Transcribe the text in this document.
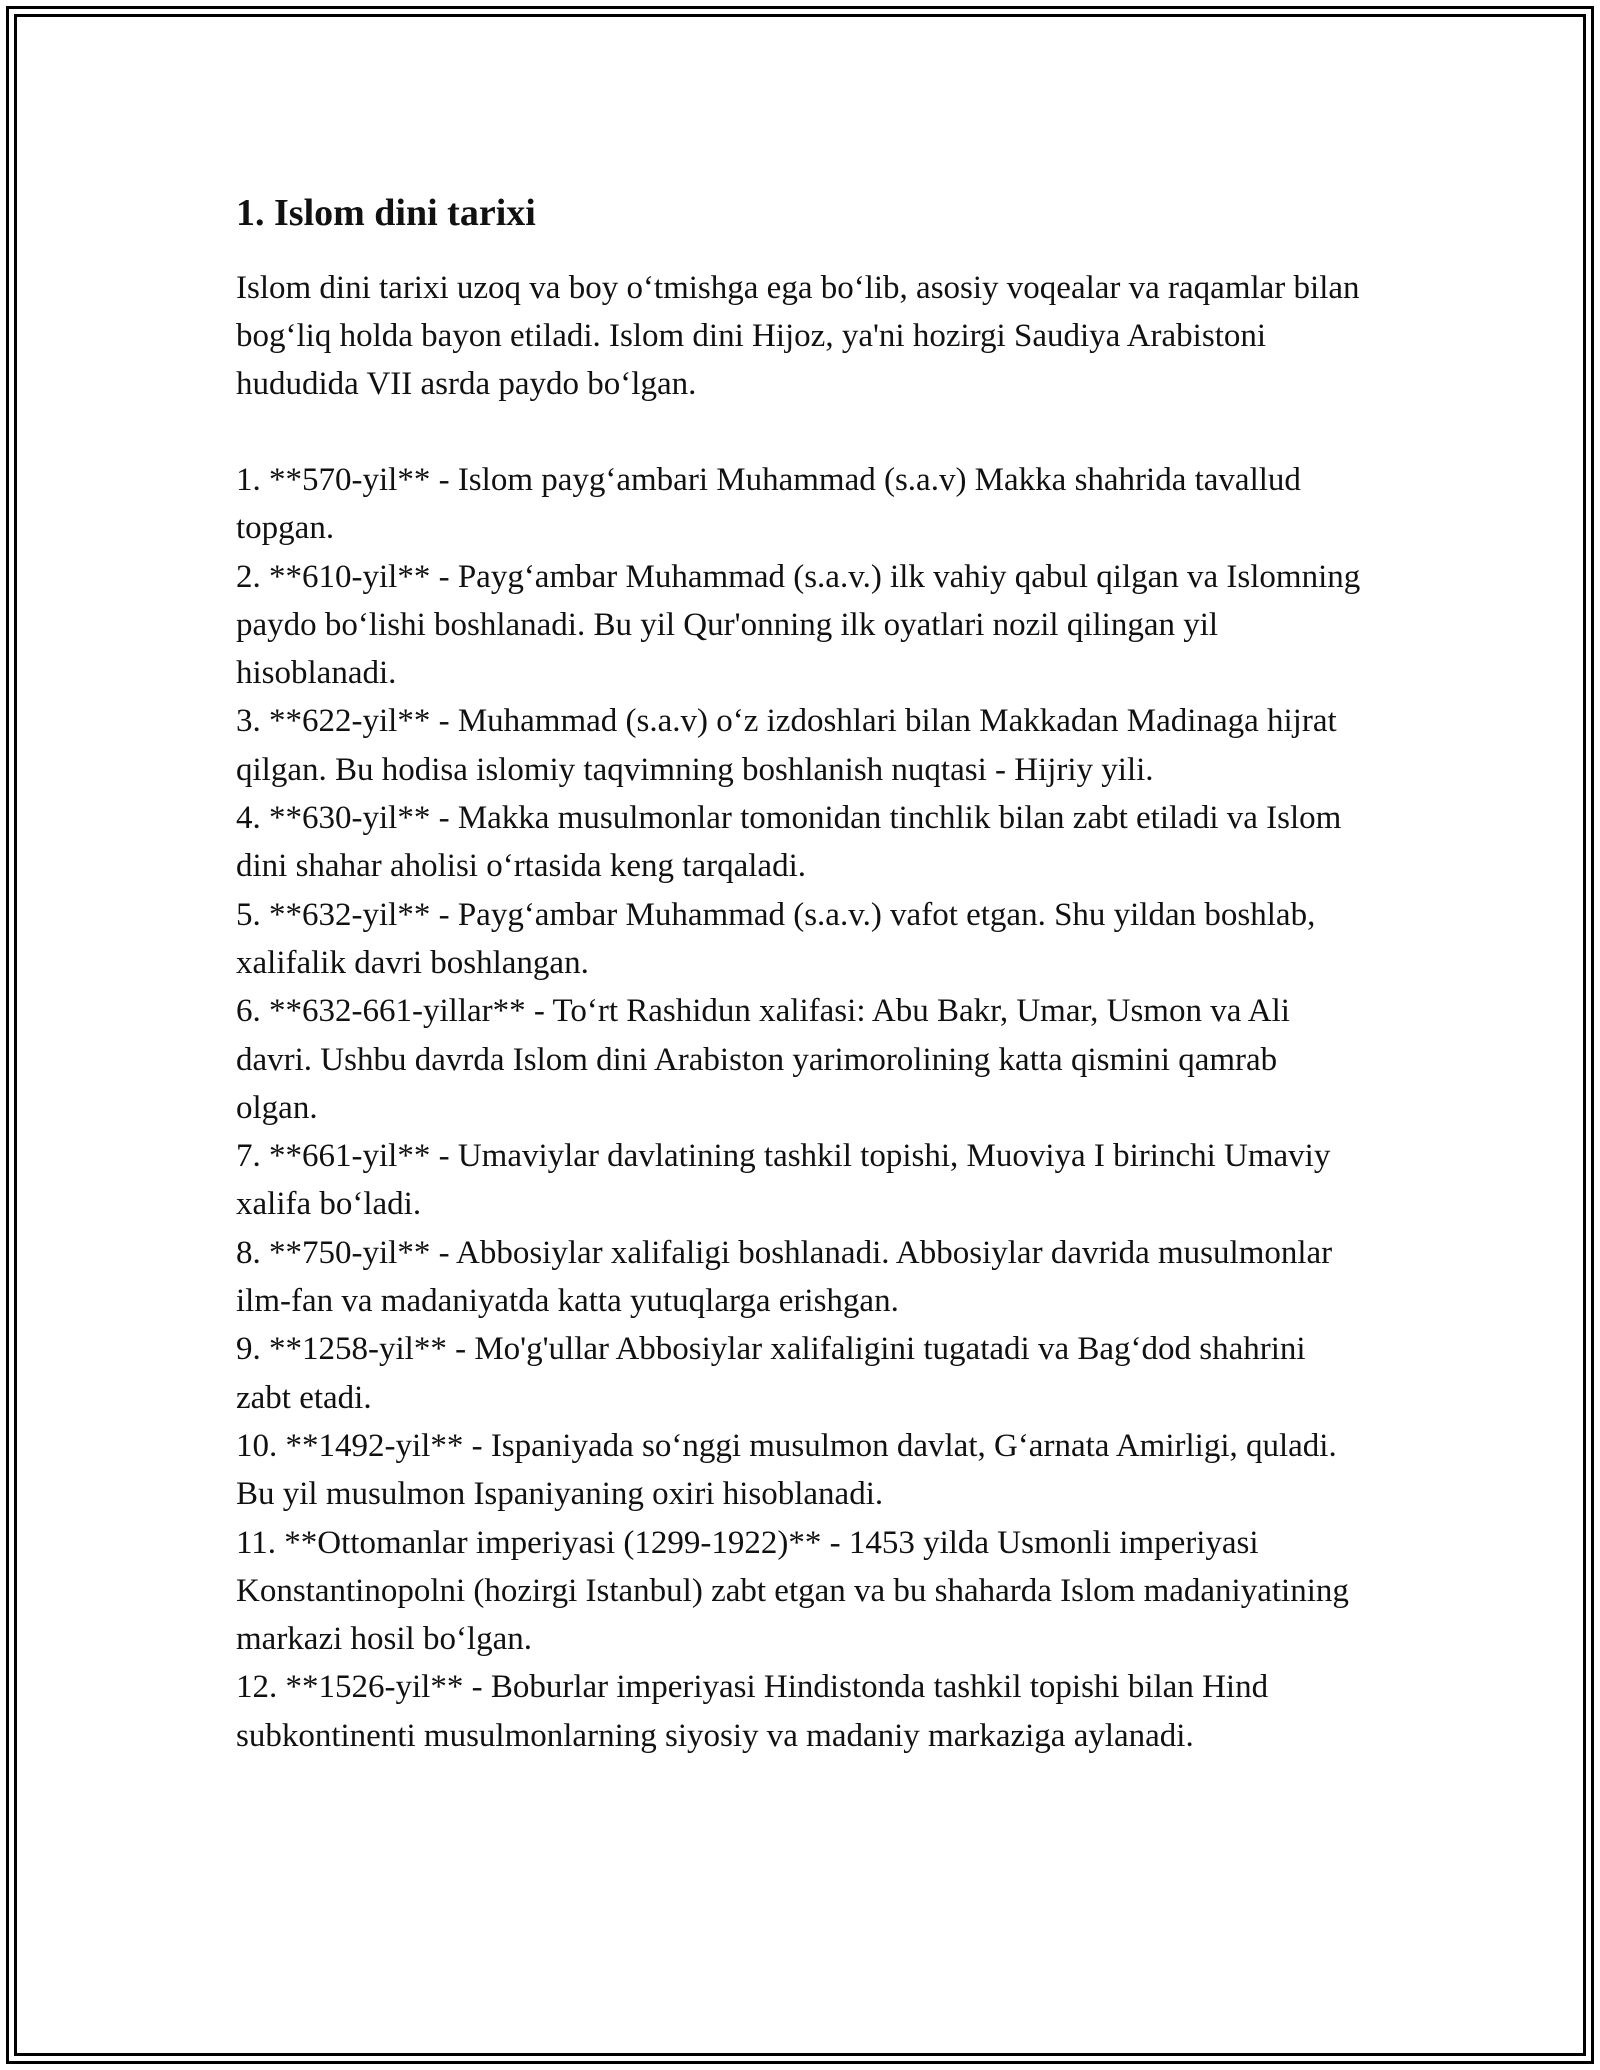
1. Islom dini tarixi

Islom dini tarixi uzoq va boy oʻtmishga ega boʻlib, asosiy voqealar va raqamlar bilan bogʻliq holda bayon etiladi. Islom dini Hijoz, ya'ni hozirgi Saudiya Arabistoni hududida VII asrda paydo boʻlgan.

1. **570-yil** - Islom paygʻambari Muhammad (s.a.v) Makka shahrida tavallud topgan.

2. **610-yil** - Paygʻambar Muhammad (s.a.v.) ilk vahiy qabul qilgan va Islomning paydo boʻlishi boshlanadi. Bu yil Qur'onning ilk oyatlari nozil qilingan yil hisoblanadi.

3. **622-yil** - Muhammad (s.a.v) oʻz izdoshlari bilan Makkadan Madinaga hijrat qilgan. Bu hodisa islomiy taqvimning boshlanish nuqtasi - Hijriy yili.

4. **630-yil** - Makka musulmonlar tomonidan tinchlik bilan zabt etiladi va Islom dini shahar aholisi oʻrtasida keng tarqaladi.

5. **632-yil** - Paygʻambar Muhammad (s.a.v.) vafot etgan. Shu yildan boshlab, xalifalik davri boshlangan.

6. **632-661-yillar** - Toʻrt Rashidun xalifasi: Abu Bakr, Umar, Usmon va Ali davri. Ushbu davrda Islom dini Arabiston yarimorolining katta qismini qamrab olgan.

7. **661-yil** - Umaviylar davlatining tashkil topishi, Muoviya I birinchi Umaviy xalifa boʻladi.

8. **750-yil** - Abbosiylar xalifaligi boshlanadi. Abbosiylar davrida musulmonlar ilm-fan va madaniyatda katta yutuqlarga erishgan.

9. **1258-yil** - Mo'g'ullar Abbosiylar xalifaligini tugatadi va Bagʻdod shahrini zabt etadi.

10. **1492-yil** - Ispaniyada soʻnggi musulmon davlat, Gʻarnata Amirligi, quladi. Bu yil musulmon Ispaniyaning oxiri hisoblanadi.

11. **Ottomanlar imperiyasi (1299-1922)** - 1453 yilda Usmonli imperiyasi Konstantinopolni (hozirgi Istanbul) zabt etgan va bu shaharda Islom madaniyatining markazi hosil boʻlgan.

12. **1526-yil** - Boburlar imperiyasi Hindistonda tashkil topishi bilan Hind subkontinenti musulmonlarning siyosiy va madaniy markaziga aylanadi.
